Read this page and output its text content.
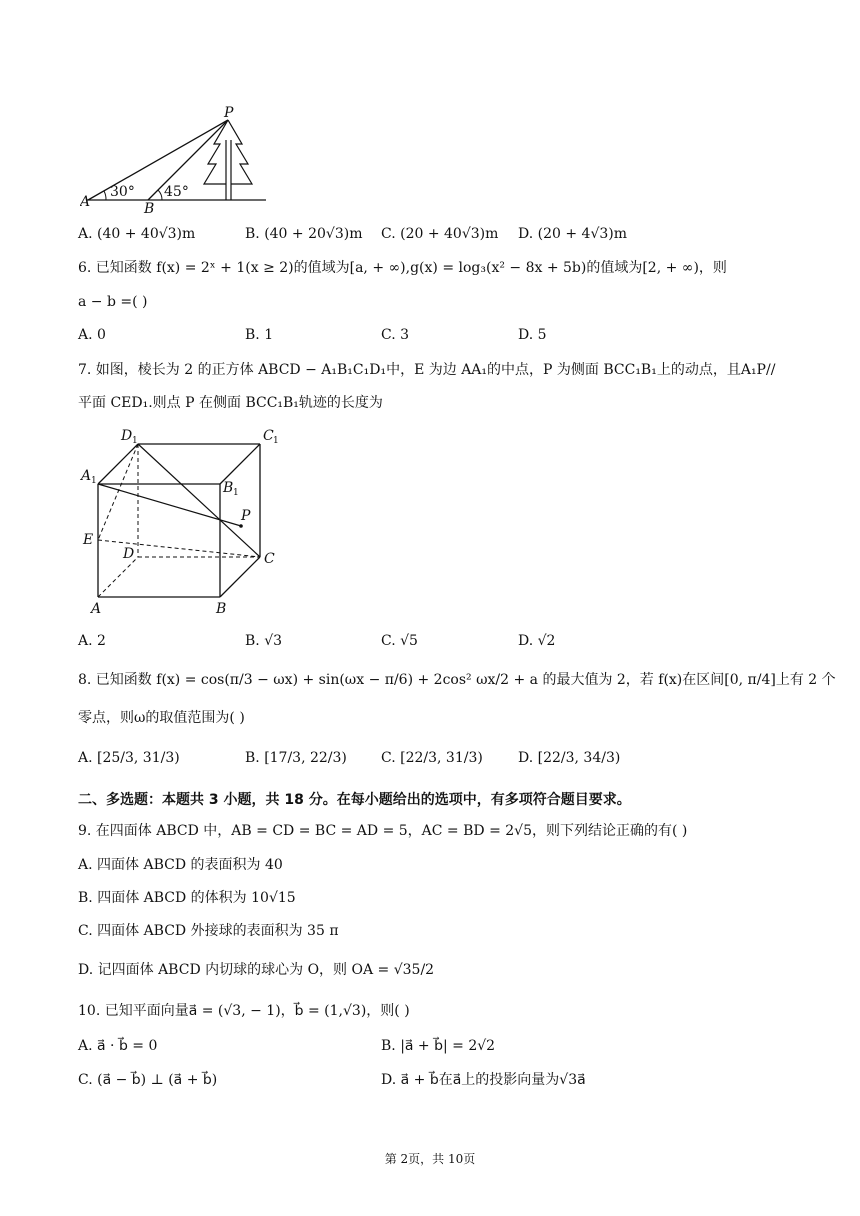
P
A	B
30° 45°
A. (40 + 40√3)m	B. (40 + 20√3)m C. (20 + 40√3)m D. (20 + 4√3)m
6. 已知函数 f(x) = 2ˣ + 1(x ≥ 2)的值域为[a, + ∞),g(x) = log₃(x² − 8x + 5b)的值域为[2, + ∞)，则
a − b =( )
A. 0	B. 1	C. 3	D. 5
7. 如图，棱长为 2 的正方体 ABCD − A₁B₁C₁D₁中，E 为边 AA₁的中点，P 为侧面 BCC₁B₁上的动点，且A₁P//
平面 CED₁.则点 P 在侧面 BCC₁B₁轨迹的长度为
D 1	C 1
A 1	B 1
P
E
D	C
A	B
A. 2	B. √3	C. √5	D. √2
8. 已知函数 f(x) = cos(π/3 − ωx) + sin(ωx − π/6) + 2cos² ωx/2 + a 的最大值为 2，若 f(x)在区间[0, π/4]上有 2 个
零点，则ω的取值范围为( )
A. [25/3, 31/3)	B. [17/3, 22/3) C. [22/3, 31/3)	D. [22/3, 34/3)
二、多选题：本题共 3 小题，共 18 分。在每小题给出的选项中，有多项符合题目要求。
9. 在四面体 ABCD 中，AB = CD = BC = AD = 5，AC = BD = 2√5，则下列结论正确的有( )
A. 四面体 ABCD 的表面积为 40
B. 四面体 ABCD 的体积为 10√15
C. 四面体 ABCD 外接球的表面积为 35 π
D. 记四面体 ABCD 内切球的球心为 O，则 OA = √35/2
10. 已知平面向量a⃗ = (√3, − 1)，b⃗ = (1,√3)，则( )
A. a⃗ · b⃗ = 0	B. |a⃗ + b⃗| = 2√2
C. (a⃗ − b⃗) ⊥ (a⃗ + b⃗)	D. a⃗ + b⃗在a⃗上的投影向量为√3a⃗
第 2页，共 10页
